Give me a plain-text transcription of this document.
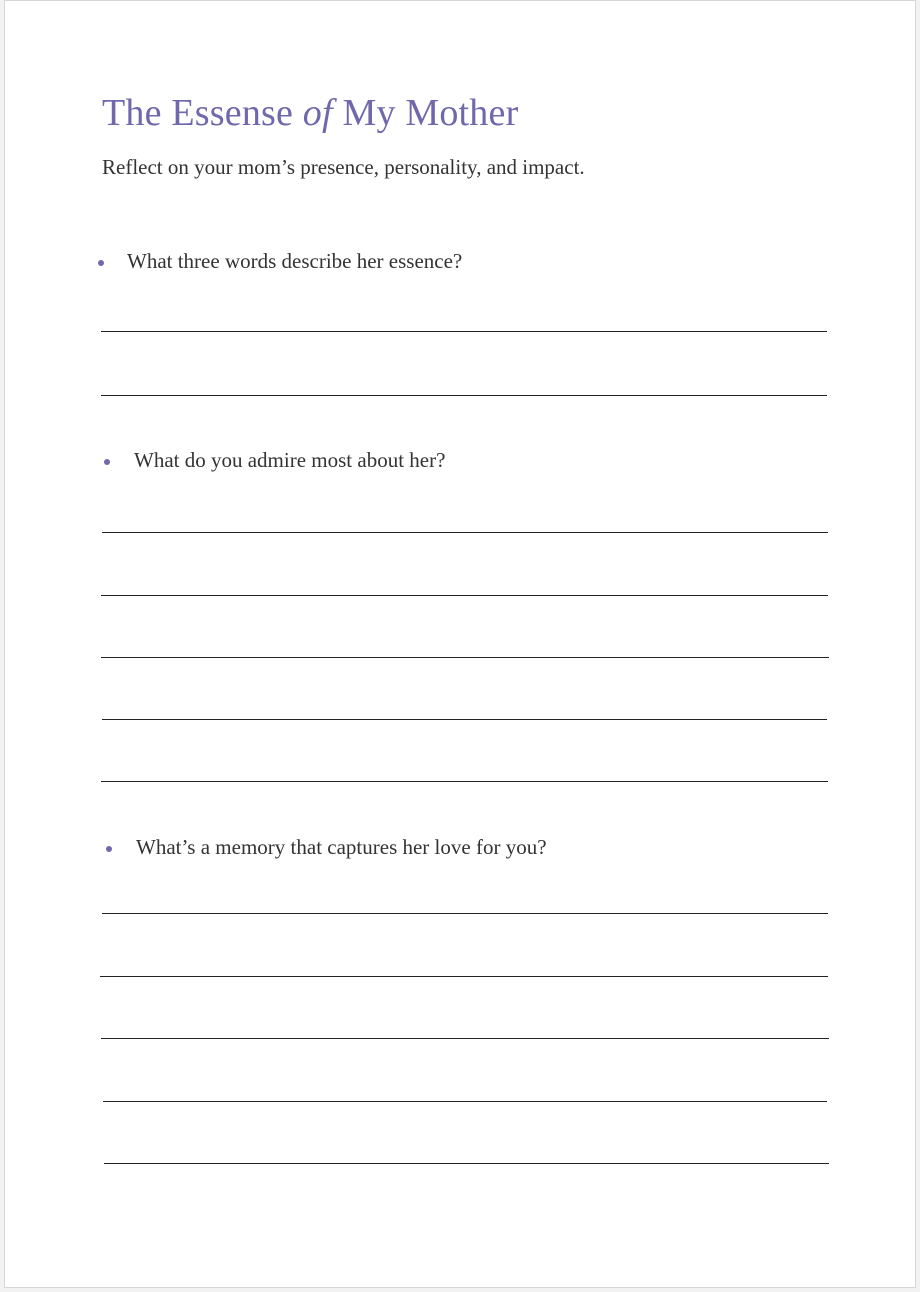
The Essense of My Mother

Reflect on your mom’s presence, personality, and impact.

What three words describe her essence?

What do you admire most about her?

What’s a memory that captures her love for you?
